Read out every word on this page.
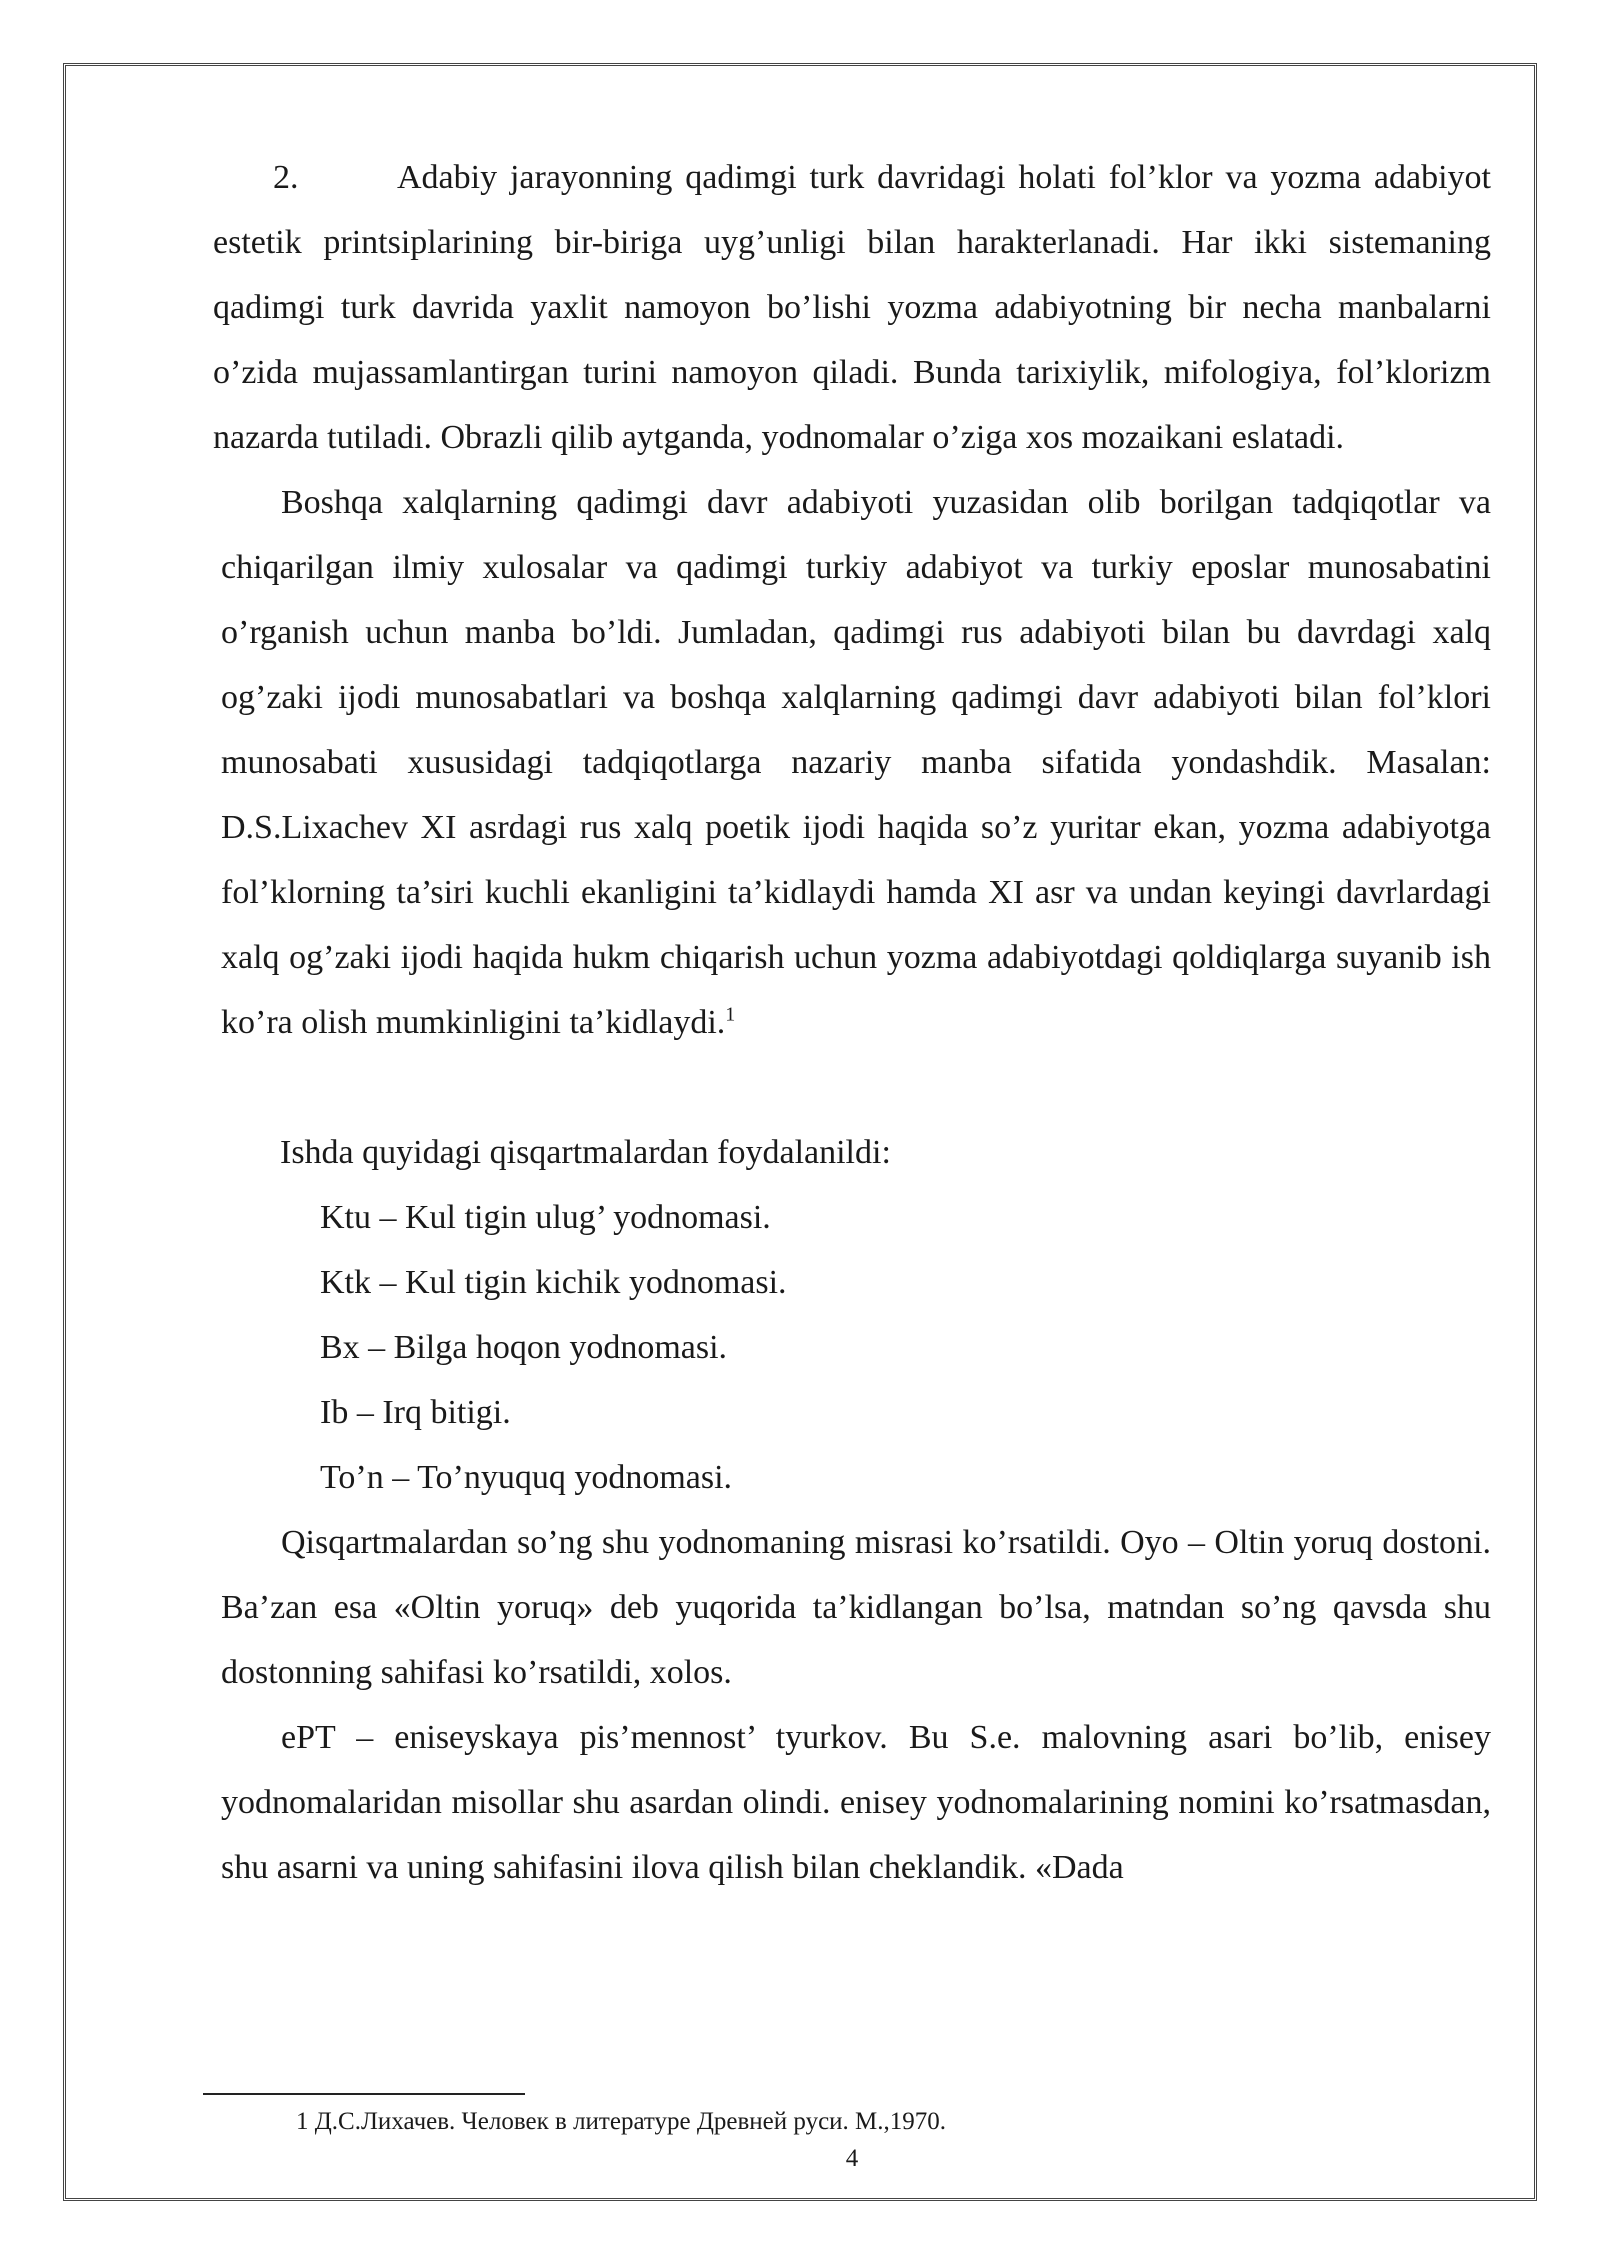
2.	Adabiy jarayonning qadimgi turk davridagi holati fol’klor va yozma adabiyot estetik printsiplarining bir-biriga uyg’unligi bilan harakterlanadi. Har ikki sistemaning qadimgi turk davrida yaxlit namoyon bo’lishi yozma adabiyotning bir necha manbalarni o’zida mujassamlantirgan turini namoyon qiladi. Bunda tarixiylik, mifologiya, fol’klorizm nazarda tutiladi. Obrazli qilib aytganda, yodnomalar o’ziga xos mozaikani eslatadi.

Boshqa xalqlarning qadimgi davr adabiyoti yuzasidan olib borilgan tadqiqotlar va chiqarilgan ilmiy xulosalar va qadimgi turkiy adabiyot va turkiy eposlar munosabatini o’rganish uchun manba bo’ldi. Jumladan, qadimgi rus adabiyoti bilan bu davrdagi xalq og’zaki ijodi munosabatlari va boshqa xalqlarning qadimgi davr adabiyoti bilan fol’klori munosabati xususidagi tadqiqotlarga nazariy manba sifatida yondashdik. Masalan: D.S.Lixachev XI asrdagi rus xalq poetik ijodi haqida so’z yuritar ekan, yozma adabiyotga fol’klorning ta’siri kuchli ekanligini ta’kidlaydi hamda XI asr va undan keyingi davrlardagi xalq og’zaki ijodi haqida hukm chiqarish uchun yozma adabiyotdagi qoldiqlarga suyanib ish ko’ra olish mumkinligini ta’kidlaydi.$^1$

Ishda quyidagi qisqartmalardan foydalanildi:

Ktu – Kul tigin ulug’ yodnomasi.
Ktk – Kul tigin kichik yodnomasi.
Bx – Bilga hoqon yodnomasi.
Ib – Irq bitigi.
To’n – To’nyuquq yodnomasi.

Qisqartmalardan so’ng shu yodnomaning misrasi ko’rsatildi. Oyo – Oltin yoruq dostoni. Ba’zan esa «Oltin yoruq» deb yuqorida ta’kidlangan bo’lsa, matndan so’ng qavsda shu dostonning sahifasi ko’rsatildi, xolos.

ePT – eniseyskaya pis’mennost’ tyurkov. Bu S.e. malovning asari bo’lib, enisey yodnomalaridan misollar shu asardan olindi. enisey yodnomalarining nomini ko’rsatmasdan, shu asarni va uning sahifasini ilova qilish bilan cheklandik. «Dada

1 Д.С.Лихачев. Человек в литературе Древней руси. М.,1970.

4
